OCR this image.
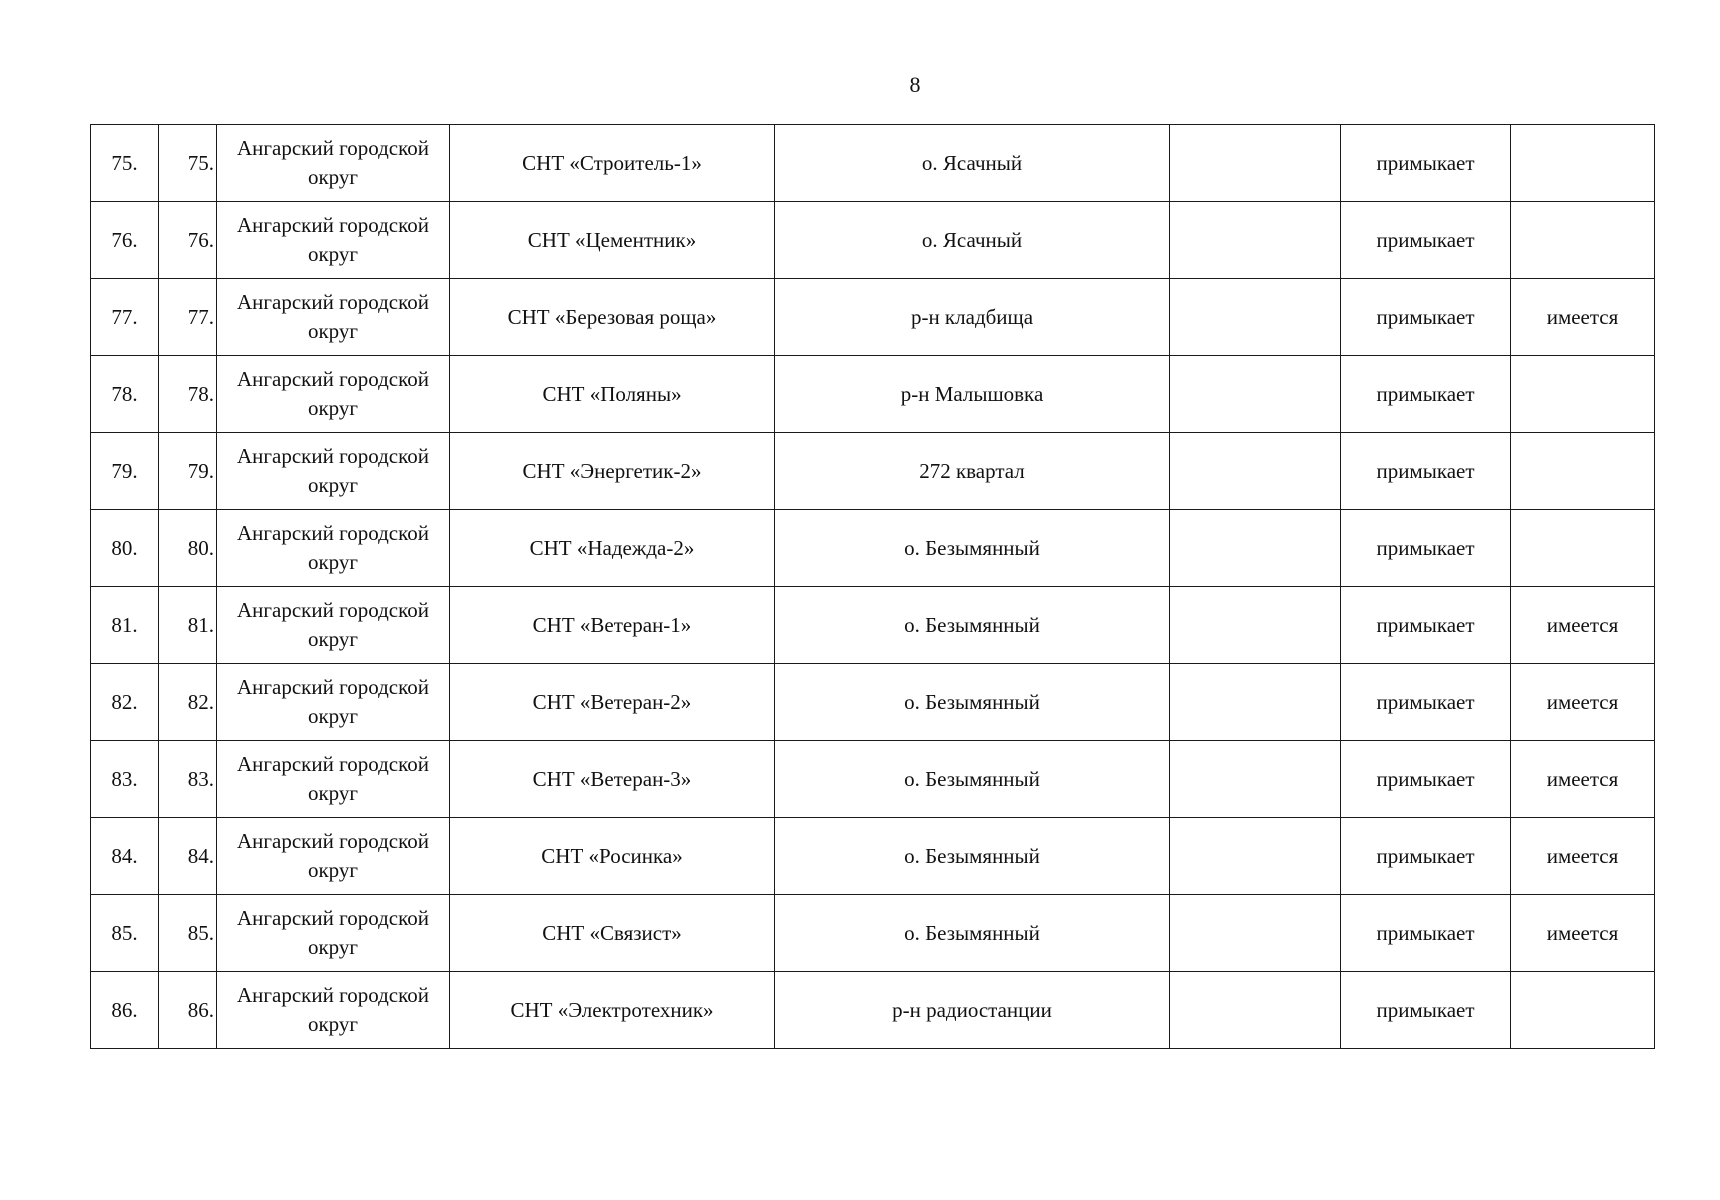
8
75.	75.	Ангарский городской округ	СНТ «Строитель-1»	о. Ясачный		примыкает	
76.	76.	Ангарский городской округ	СНТ «Цементник»	о. Ясачный		примыкает	
77.	77.	Ангарский городской округ	СНТ «Березовая роща»	р-н кладбища		примыкает	имеется
78.	78.	Ангарский городской округ	СНТ «Поляны»	р-н Малышовка		примыкает	
79.	79.	Ангарский городской округ	СНТ «Энергетик-2»	272 квартал		примыкает	
80.	80.	Ангарский городской округ	СНТ «Надежда-2»	о. Безымянный		примыкает	
81.	81.	Ангарский городской округ	СНТ «Ветеран-1»	о. Безымянный		примыкает	имеется
82.	82.	Ангарский городской округ	СНТ «Ветеран-2»	о. Безымянный		примыкает	имеется
83.	83.	Ангарский городской округ	СНТ «Ветеран-3»	о. Безымянный		примыкает	имеется
84.	84.	Ангарский городской округ	СНТ «Росинка»	о. Безымянный		примыкает	имеется
85.	85.	Ангарский городской округ	СНТ «Связист»	о. Безымянный		примыкает	имеется
86.	86.	Ангарский городской округ	СНТ «Электротехник»	р-н радиостанции		примыкает	
